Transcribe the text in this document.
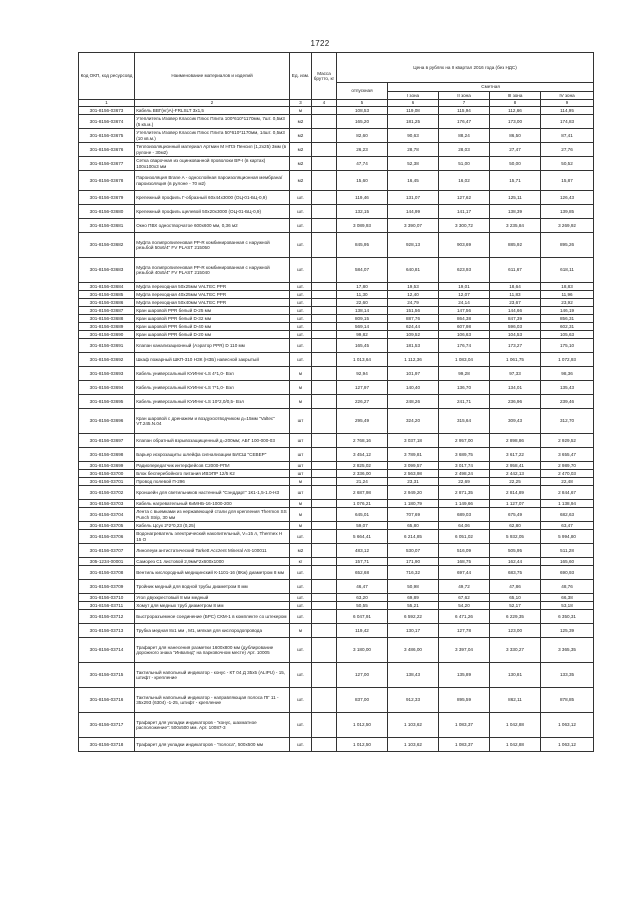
1722
Код ОКП, код ресурсовд	Наименование материалов и изделий	Ед. изм.	Масса брутто, кг	Цена в рублях на II квартал 2016 года (без НДС)				
				отпускная	Сметная			
					I зона	II зона	III зона	IV зона
1	2	3	4	5	6	7	8	9
301-8156-03673	Кабель ВВГ(нг)А)-FRLSLT 3х1,5	м		108,53	119,08	115,94	112,66	114,95
301-8156-03674	Утеплитель Изовер Классик Плюс Плита 100*610*1170мм, 7шт. 0,5м3 (5 кв.м.)	м2		165,20	181,25	176,47	173,00	174,83
301-8156-03675	Утеплитель Изовер Классик Плюс Плита 50*610*1170мм, 14шт. 0,5м3 (10 кв.м.)	м2		82,60	90,63	88,24	86,50	87,41
301-8156-03676	Теплоизоляционный материал Артмин М НПЭ Пенсил (1,2х25) 3мм (в рулоне - 30м2)	м2		26,23	28,78	28,03	27,47	27,76
301-8156-03677	Сетка сварочная из оцинкованной проволоки ВР-I (в картах) 100х100х3 мм	м2		47,74	52,38	51,00	50,00	50,52
301-8156-03678	Пароизоляция Brane A - однослойная пароизоляционная мембрана/пароизоляция (в рулоне - 70 м2)	м2		15,60	16,45	16,02	15,71	15,87
301-8156-03679	Крепежный профиль Г-образный 60х44х3000 (ОЦ-01-БЦ-0,9)	шт.		119,46	131,07	127,62	125,11	126,43
301-8156-03680	Крепежный профиль щелевой 50х20х3000 (ОЦ-01-БЦ-0,9)	шт.		132,15	144,99	141,17	138,39	139,85
301-8156-03681	Окно ПВХ одностворчатое 600х600 мм, 0,36 м2	шт.		3 089,93	3 390,07	3 300,72	3 235,84	3 269,92
301-8156-03682	Муфта полипропиленовая PP-R комбинированная с наружной резьбой 50х6/4" FV PLAST 215050	шт.		845,95	928,13	903,69	885,92	895,26
301-8156-03683	Муфта полипропиленовая PP-R комбинированная с наружной резьбой 40х5/4" FV PLAST 215040	шт.		584,07	640,81	623,93	611,67	618,11
301-8156-03684	Муфта переходная 50х25мм VALTEC PPR	шт.		17,80	19,53	19,01	18,64	18,83
301-8156-03685	Муфта переходная 40х25мм VALTEC PPR	шт.		11,30	12,40	12,07	11,83	11,96
301-8156-03686	Муфта переходная 50х40мм VALTEC PPR	шт.		22,60	24,79	24,14	23,67	23,92
301-8156-03687	Кран шаровой PPR белый D-25 мм	шт.		138,14	151,56	147,56	144,66	146,19
301-8156-03688	Кран шаровой PPR белый D-32 мм	шт.		809,15	887,76	864,38	847,39	856,31
301-8156-03689	Кран шаровой PPR белый D-40 мм	шт.		569,14	624,44	607,98	596,03	602,31
301-8156-03690	Кран шаровой PPR белый D-20 мм	шт.		99,82	109,52	106,63	104,53	105,63
301-8156-03691	Клапан канализационный (Аэратор PPR) D 110 мм	шт.		165,45	181,53	176,74	173,27	175,10
301-8156-03692	Шкаф пожарный ШКП-310 НЗК (НЗБ) навесной закрытый	шт.		1 013,64	1 112,36	1 083,04	1 061,75	1 072,93
301-8156-03693	Кабель универсальный КУИНнг-LS 4*1,0- Вэл	м		92,94	101,97	99,28	97,33	98,36
301-8156-03694	Кабель универсальный КУИНнг-LS 7*1,0- Вэл	м		127,97	140,40	136,70	134,01	135,43
301-8156-03695	Кабель универсальный КУИНнг-LS 10*2,0/0,5- Вэл	м		226,27	248,26	241,71	236,96	239,46
301-8156-03696	Кран шаровой с дренажем и воздухоотводчиком д=15мм "Valtec" VT.245.N.04	шт		295,49	324,20	315,64	309,43	312,70
301-8156-03697	Клапан обратный взрывозащищенный д=200мм; АБГ 100-000-03	шт		2 768,16	3 037,18	2 957,00	2 898,86	2 929,52
301-8156-03698	Барьер искрозащиты шлейфа сигнализации БИСШ "СЕВЕР"	шт		3 454,12	3 789,81	3 689,75	3 617,22	3 655,47
301-8156-03699	Радиопередатчик интерфейсов С2000-РПИ	шт		2 825,02	3 099,57	3 017,74	2 958,41	2 989,70
301-8156-03700	Блок бесперебойного питания ИВЭПР 12/5 К2	шт		2 336,00	2 563,98	2 498,24	2 442,13	2 470,03
301-8156-03701	Провод полевой П-296	м		21,24	23,31	22,69	22,25	22,48
301-8156-03702	Кроншейн для светильников настенный "Сэнддарт" 1К1-1,5-1.0-НЗ	шт		2 687,98	2 949,20	2 871,35	2 814,89	2 844,67
301-8156-03703	Кабель нагревательный КиМНБ-16-1000-200	м		1 076,21	1 180,79	1 149,66	1 127,07	1 138,94
301-8156-03704	Лента с выемками из нержавеющей стали для крепления Thermon SS Punch Strip, 30 мм	м		645,01	707,69	689,03	675,49	682,63
301-8156-03705	Кабель Цсух 2*2*0,23 (0,25)	м		59,07	65,80	64,06	62,80	63,47
301-8156-03706	Водонагреватель электрический накопительный, V=15 л, Thermex H 15 O	шт.		5 664,41	6 214,85	6 051,02	5 932,05	5 994,80
301-8156-03707	Линолеум антистатический Tarkett Acczent Mineral AS-100011	м2		483,12	530,07	516,09	505,95	511,28
305-1234-00001	Саморез С1 листовой 2,9мм*2х600x1000	кг		157,71	171,90	168,75	162,44	165,60
301-8156-03708	Вентиль кислородный медицинский К-1101-16 (8Кж) диаметром 8 мм	шт.		652,68	716,32	697,44	683,75	690,93
301-8156-03709	Тройник медный для водной трубы диаметром 8 мм	шт.		46,47	50,98	49,72	47,86	48,76
301-8156-03710	Угол двухкрестовый 8 мм медный	шт.		63,20	69,89	67,62	65,10	66,38
301-8156-03711	Хомут для медных труб диаметром 8 мм	шт.		50,55	55,21	54,20	52,17	53,18
301-8156-03712	Быстроразъемное соединение (БРС) СКМ-1 в комплекте со штекером	шт.		6 047,91	6 592,22	6 471,26	6 229,35	6 350,31
301-8156-03713	Трубка медная 8х1 мм , М1, мягкая для кислородопровода	м		119,42	130,17	127,78	123,00	125,39
301-8156-03714	Трафарет для нанесения разметки 1600х800 мм (дублирование дорожного знака "Инвалид" на парковочном месте) Арт. 10005	шт.		3 180,00	3 486,00	3 397,04	3 330,27	3 365,35
301-8156-03715	Тактильный напольный индикатор - конус - КТ 04 Д 35х5 (ALIPU) - 15, штифт - крепление	шт.		127,00	138,43	135,89	130,81	133,35
301-8156-03716	Тактильный напольный индикатор - направляющая полоса ПГ 11 - 35х293 (6304) -1-25, штифт - крепление	шт.		837,00	912,33	895,59	862,11	878,85
301-8156-03717	Трафарет для укладки индикаторов - "конус, шахматное расположение": 500х500 мм. Арт. 10087-3	шт.		1 012,50	1 103,62	1 083,37	1 042,88	1 063,12
301-8156-03718	Трафарет для укладки индикаторов - "полоса", 500х500 мм	шт.		1 012,50	1 103,62	1 083,37	1 042,88	1 063,12
